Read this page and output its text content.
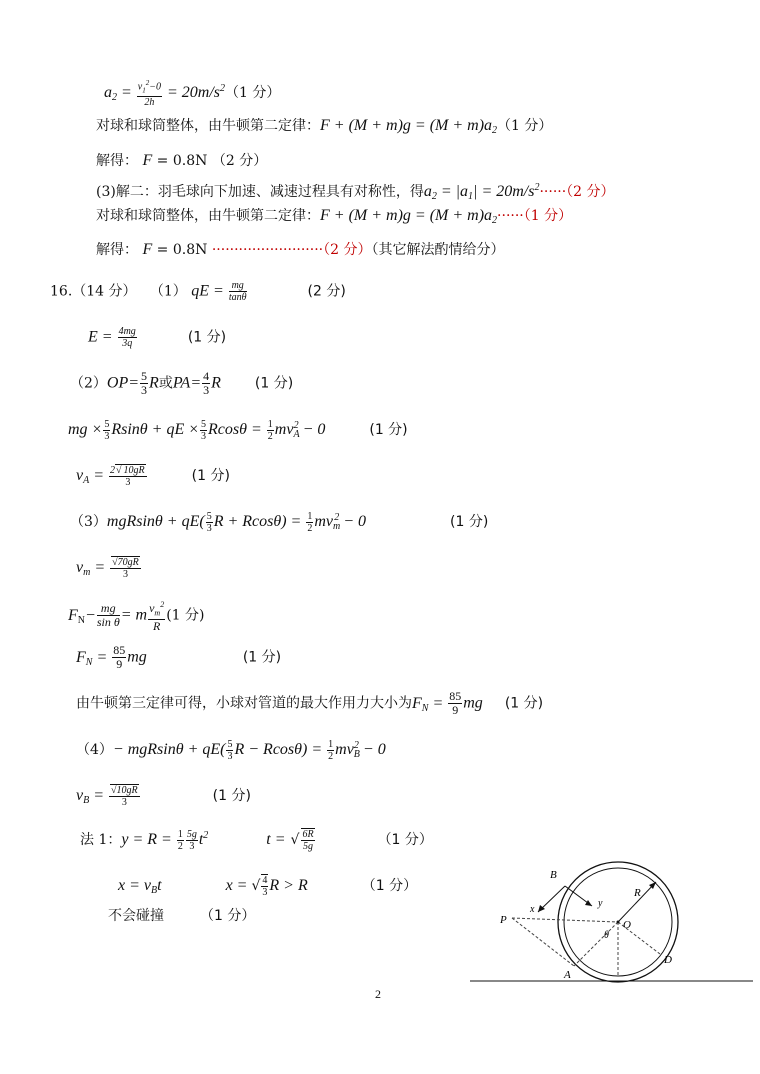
$a_2 = \frac{v_1^2-0}{2h} = 20m/s^2(1$ 分）
对球和球筒整体，由牛顿第二定律：$F + (M + m)g = (M + m)a_2(1$ 分）
解得： F = 0.8N （2 分）
(3)解二：羽毛球向下加速、减速过程具有对称性，得$a_2 = |a_1| = 20m/s^2\cdot\cdot\cdot\cdot\cdot\cdot(2$ 分）
对球和球筒整体，由牛顿第二定律：$F + (M + m)g = (M + m)a_2\cdot\cdot\cdot\cdot\cdot\cdot(1$ 分）
解得： F = 0.8N ·························（2 分）（其它解法酌情给分）
16.（14 分） （1） qE = $\frac{mg}{\tan\theta}$	(2 分)
$E = \frac{4mg}{3q}$	(1 分)
$(2)OP= \frac{5}{3}$ R或$PA= \frac{4}{3}$ R (1 分)
mg × $\frac{5}{3}$ Rsinθ + qE × $\frac{5}{3}$ $Rcos\theta = \frac{1}{2} mv_A^2 - 0$	(1 分)
$v_A = \frac{2√ 10gR}{3}$	(1 分)
$(3)mgRsin\theta + qE( \frac{5}{3}$ $R + Rcos\theta) = \frac{1}{2} mv_m^2 - 0$	(1 分)
$v_m = \frac{√70gR}{3}$
$F_N- \frac{mg}{\text{sin θ}} = m \frac{v_m^2}{R} (1$ 分)
$F_N = \frac{85}{9}$ mg	(1 分)
由牛顿第三定律可得，小球对管道的最大作用力大小为$F_N = \frac{85}{9}$ mg (1 分)
$(4)- mgRsin\theta + qE( \frac{5}{3}$ $R - Rcos\theta) = \frac{1}{2} mv_B^2 - 0$
$v_B = \frac{√10gR}{3}$	(1 分)
法 1：$y = R = \frac{1}{2} \frac{5g}{3} t^2$	t = √ $\frac{6R}{5g}$	（1 分）
$x = v_Bt$	x = √ $\frac{4}{3}$ R > R	（1 分）
不会碰撞	（1 分）
B
y
x
R
P	O
θ
D
A
2
